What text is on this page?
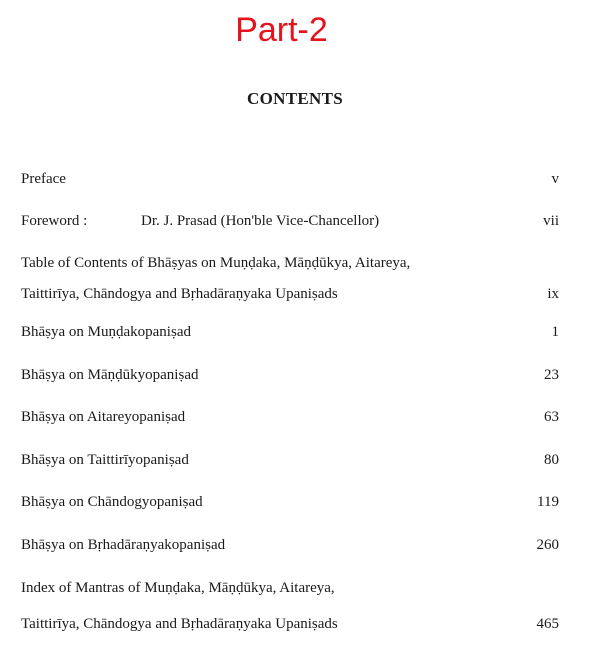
Part-2
CONTENTS
Preface	v
Foreword :	Dr. J. Prasad (Hon'ble Vice-Chancellor)	vii
Table of Contents of Bhāṣyas on Muṇḍaka, Māṇḍūkya, Aitareya,
Taittirīya, Chāndogya and Bṛhadāraṇyaka Upaniṣads	ix
Bhāṣya on Muṇḍakopaniṣad	1
Bhāṣya on Māṇḍūkyopaniṣad	23
Bhāṣya on Aitareyopaniṣad	63
Bhāṣya on Taittirīyopaniṣad	80
Bhāṣya on Chāndogyopaniṣad	119
Bhāṣya on Bṛhadāraṇyakopaniṣad	260
Index of Mantras of Muṇḍaka, Māṇḍūkya, Aitareya,
Taittirīya, Chāndogya and Bṛhadāraṇyaka Upaniṣads	465
